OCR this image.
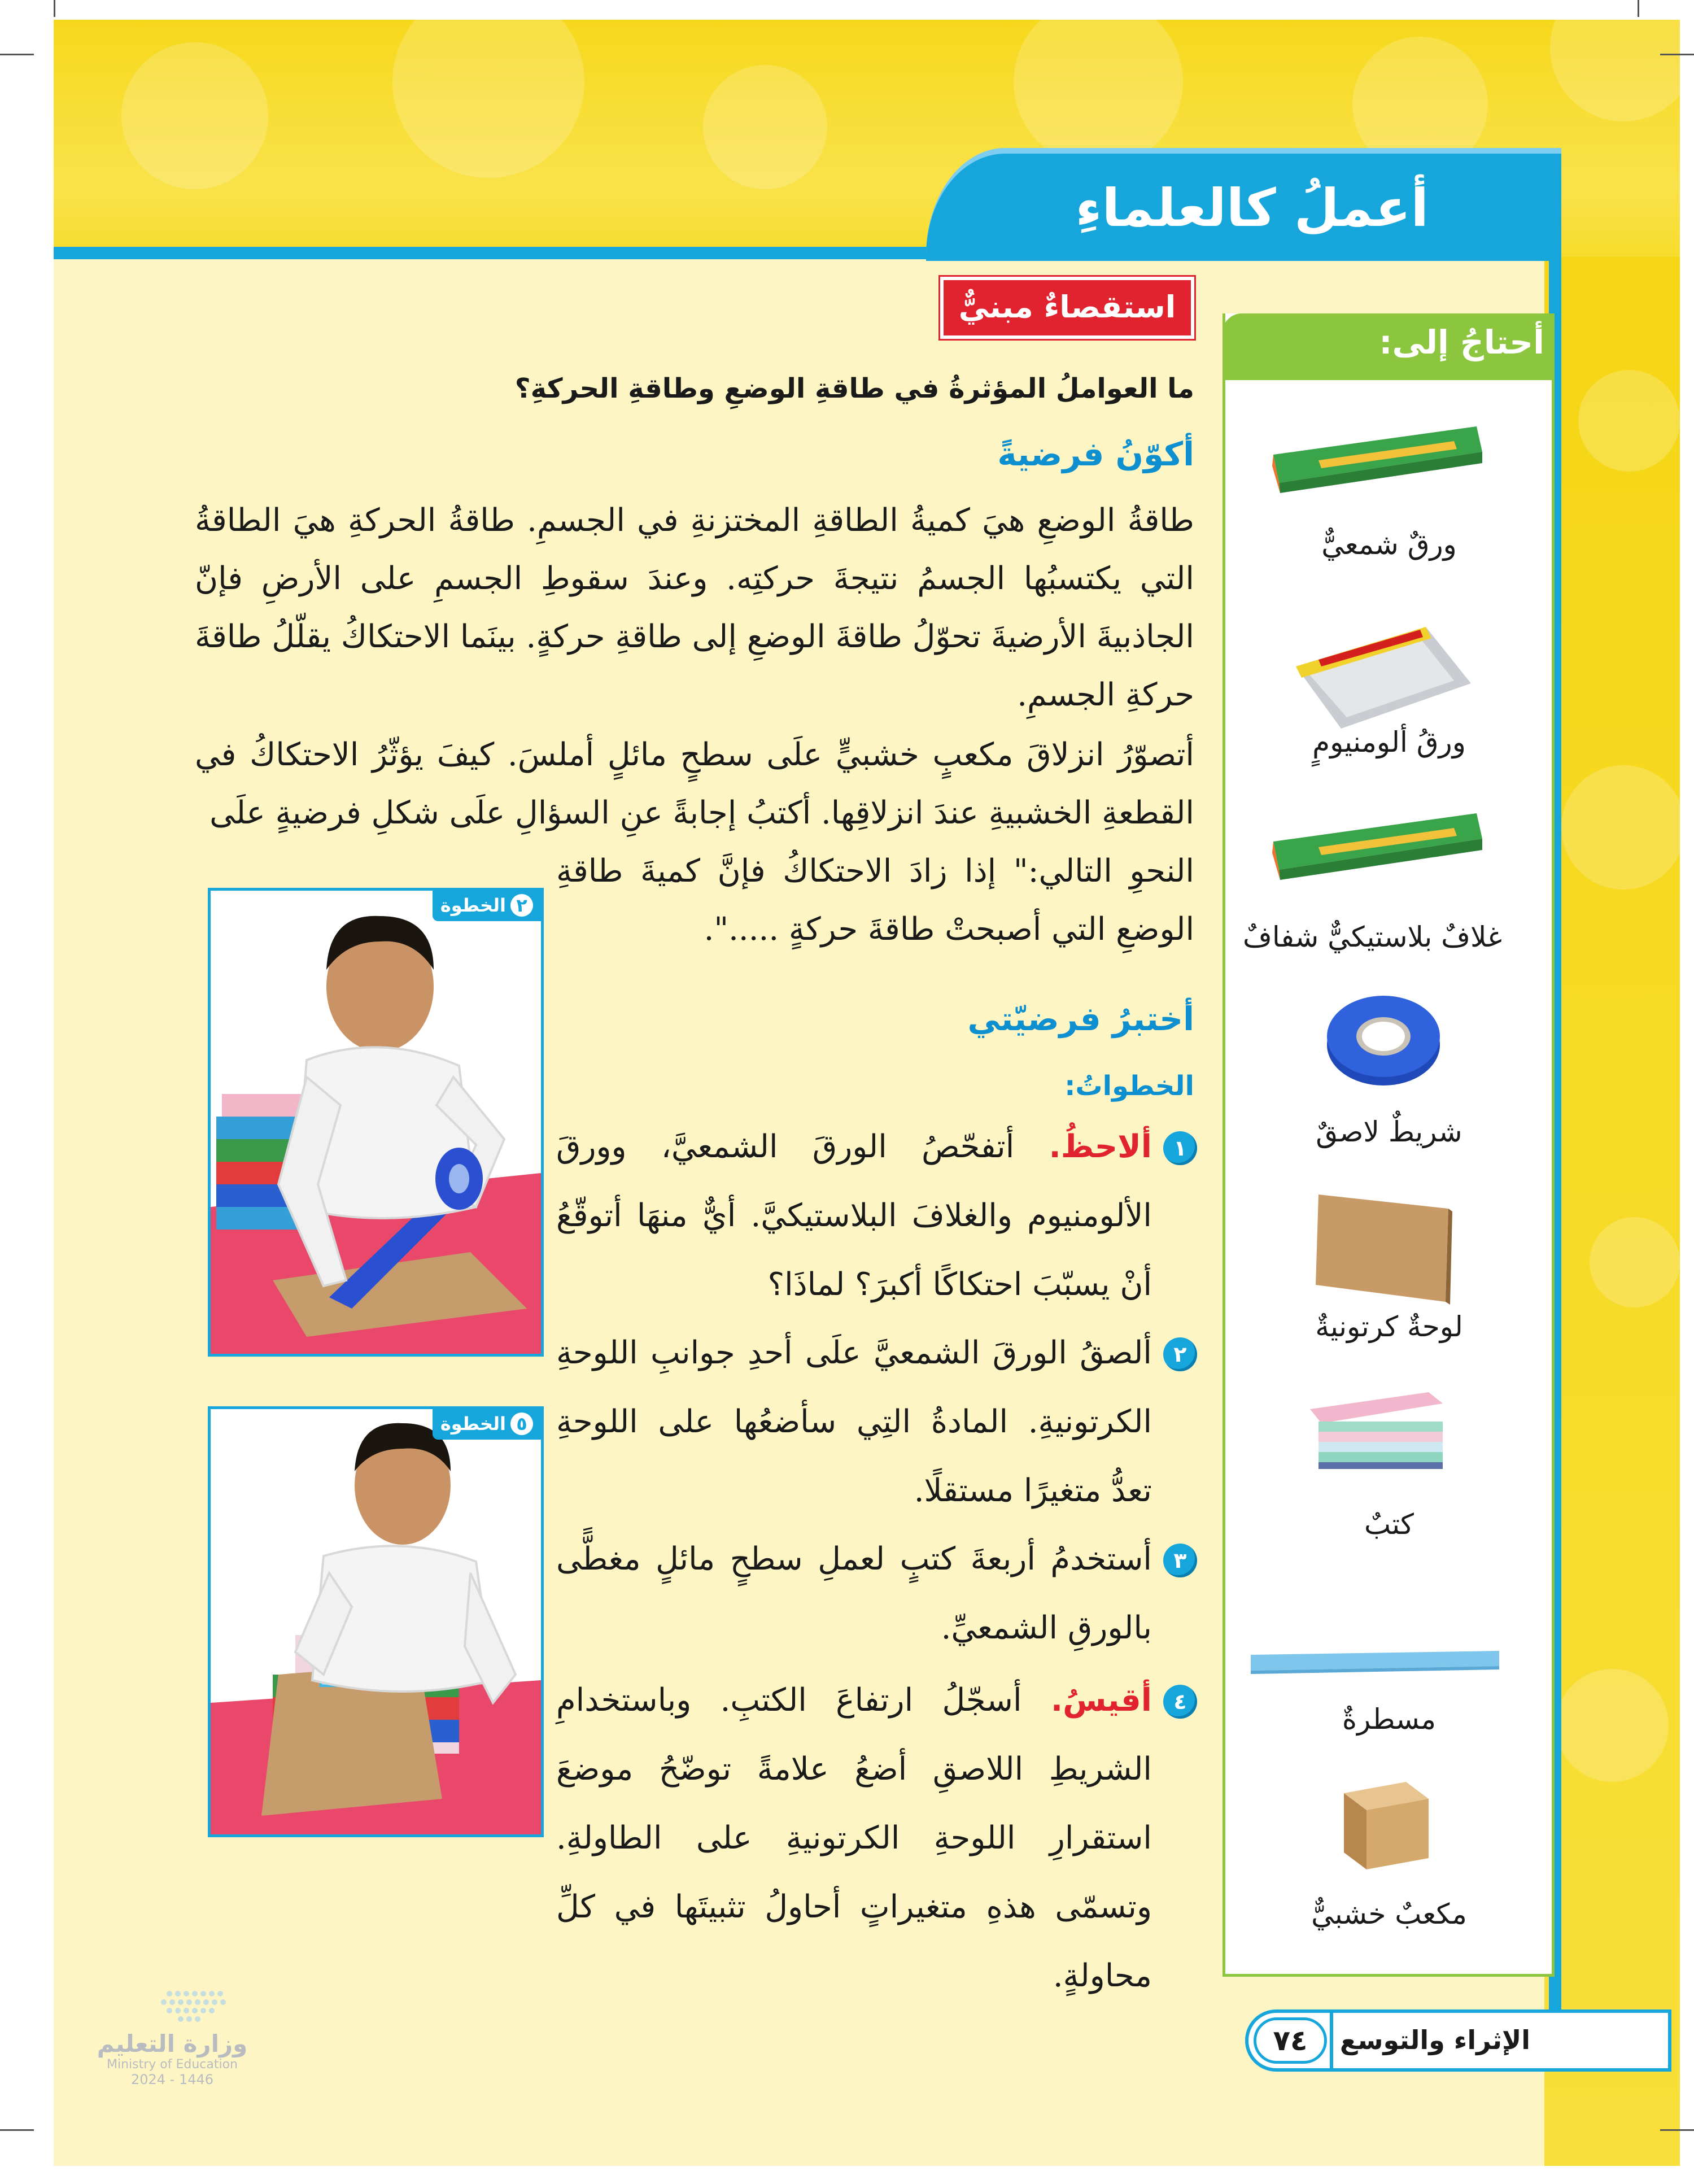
أعملُ كالعلماءِ
استقصاءٌ مبنيٌّ
ما العواملُ المؤثرةُ في طاقةِ الوضعِ وطاقةِ الحركةِ؟
أكوّنُ فرضيةً
طاقةُ الوضعِ هيَ كميةُ الطاقةِ المختزنةِ في الجسمِ. طاقةُ الحركةِ هيَ الطاقةُ التي يكتسبُها الجسمُ نتيجةَ حركتِه. وعندَ سقوطِ الجسمِ على الأرضِ فإنّ الجاذبيةَ الأرضيةَ تحوّلُ طاقةَ الوضعِ إلى طاقةِ حركةٍ. بينَما الاحتكاكُ يقلّلُ طاقةَ حركةِ الجسمِ.
أتصوّرُ انزلاقَ مكعبٍ خشبيٍّ علَى سطحٍ مائلٍ أملسَ. كيفَ يؤثّرُ الاحتكاكُ في القطعةِ الخشبيةِ عندَ انزلاقِها. أكتبُ إجابةً عنِ السؤالِ علَى شكلِ فرضيةٍ علَى
النحوِ التالي:" إذا زادَ الاحتكاكُ فإنَّ كميةَ طاقةِ الوضعِ التي أصبحتْ طاقةَ حركةٍ .....".
أختبرُ فرضيّتي
الخطواتُ:
١
ألاحظُ. أتفحّصُ الورقَ الشمعيَّ، وورقَ الألومنيوم والغلافَ البلاستيكيَّ. أيٌّ منهَا أتوقّعُ أنْ يسبّبَ احتكاكًا أكبرَ؟ لماذَا؟
٢
ألصقُ الورقَ الشمعيَّ علَى أحدِ جوانبِ اللوحةِ الكرتونيةِ. المادةُ التِي سأضعُها على اللوحةِ تعدُّ متغيرًا مستقلًا.
٣
أستخدمُ أربعةَ كتبٍ لعملِ سطحٍ مائلٍ مغطًّى بالورقِ الشمعيِّ.
٤
أقيسُ. أسجّلُ ارتفاعَ الكتبِ. وباستخدامِ الشريطِ اللاصقِ أضعُ علامةً توضّحُ موضعَ استقرارِ اللوحةِ الكرتونيةِ على الطاولةِ. وتسمّى هذهِ متغيراتٍ أحاولُ تثبيتَها في كلِّ محاولةٍ.
٢الخطوة
٥الخطوة
أحتاجُ إلى:
ورقٌ شمعيٌّ
ورقُ ألومنيومٍ
غلافٌ بلاستيكيٌّ شفافٌ
شريطٌ لاصقٌ
لوحةٌ كرتونيةٌ
كتبٌ
مسطرةٌ
مكعبٌ خشبيٌّ
الإثراء والتوسع
٧٤
وزارة التعليم
Ministry of Education
2024 - 1446
